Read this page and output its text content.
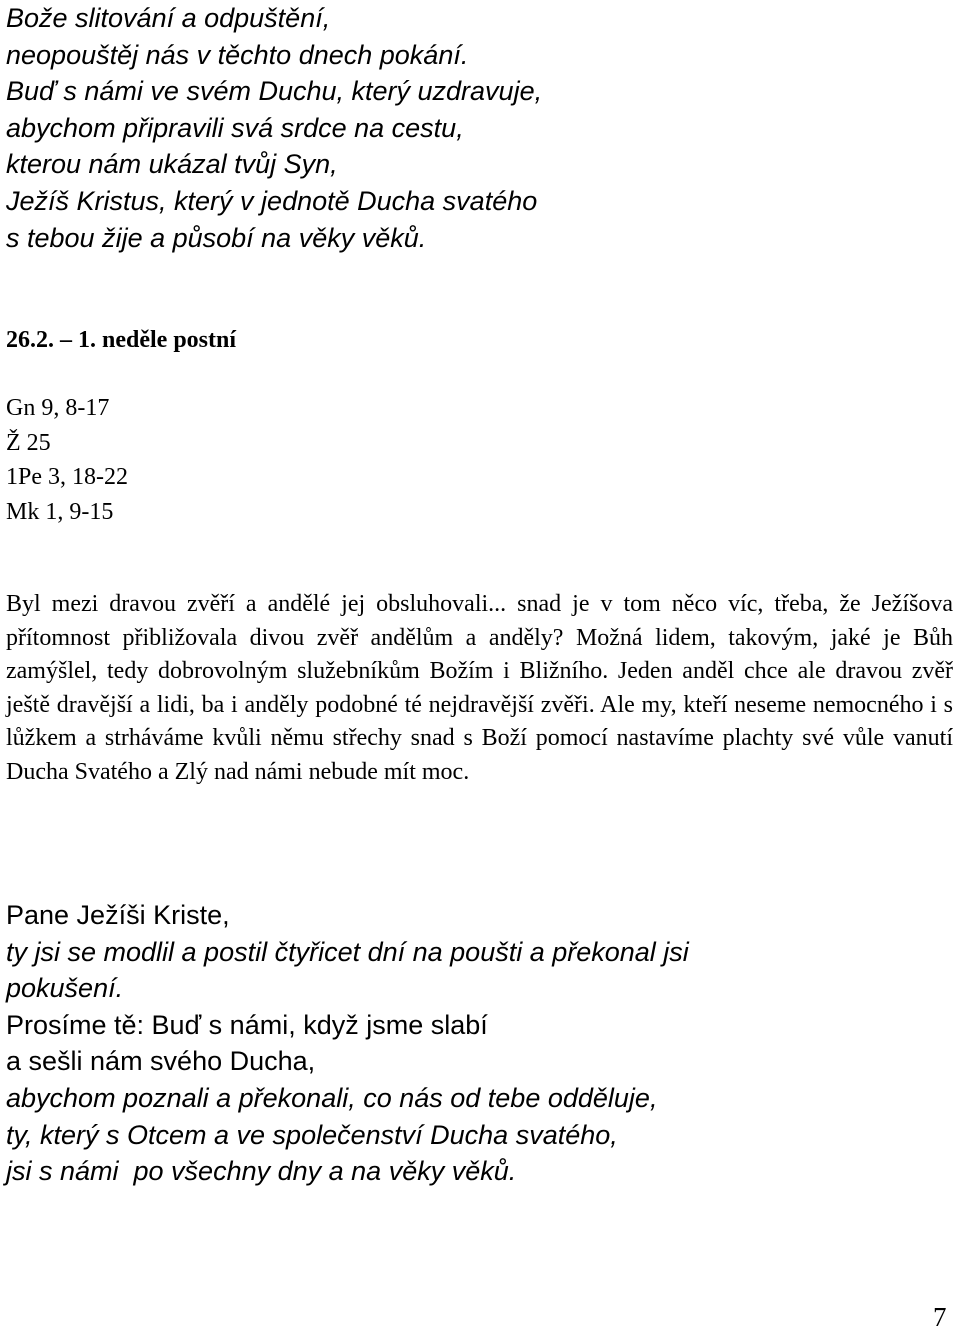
Bože slitování a odpuštění,
neopouštěj nás v těchto dnech pokání.
Buď s námi ve svém Duchu, který uzdravuje,
abychom připravili svá srdce na cestu,
kterou nám ukázal tvůj Syn,
Ježíš Kristus, který v jednotě Ducha svatého
s tebou žije a působí na věky věků.
26.2. – 1. neděle postní
Gn 9, 8-17
Ž 25
1Pe 3, 18-22
Mk 1, 9-15

Byl mezi dravou zvěří a andělé jej obsluhovali... snad je v tom něco víc, třeba, že Ježíšova přítomnost přibližovala divou zvěř andělům a anděly? Možná lidem, takovým, jaké je Bůh zamýšlel, tedy dobrovolným služebníkům Božím i Bližního. Jeden anděl chce ale dravou zvěř ještě dravější a lidi, ba i anděly podobné té nejdravější zvěři. Ale my, kteří neseme nemocného i s lůžkem a strháváme kvůli němu střechy snad s Boží pomocí nastavíme plachty své vůle vanutí Ducha Svatého a Zlý nad námi nebude mít moc.

Pane Ježíši Kriste,
ty jsi se modlil a postil čtyřicet dní na poušti a překonal jsi
pokušení.
Prosíme tě: Buď s námi, když jsme slabí
a sešli nám svého Ducha,
abychom poznali a překonali, co nás od tebe odděluje,
ty, který s Otcem a ve společenství Ducha svatého,
jsi s námi  po všechny dny a na věky věků.
7
